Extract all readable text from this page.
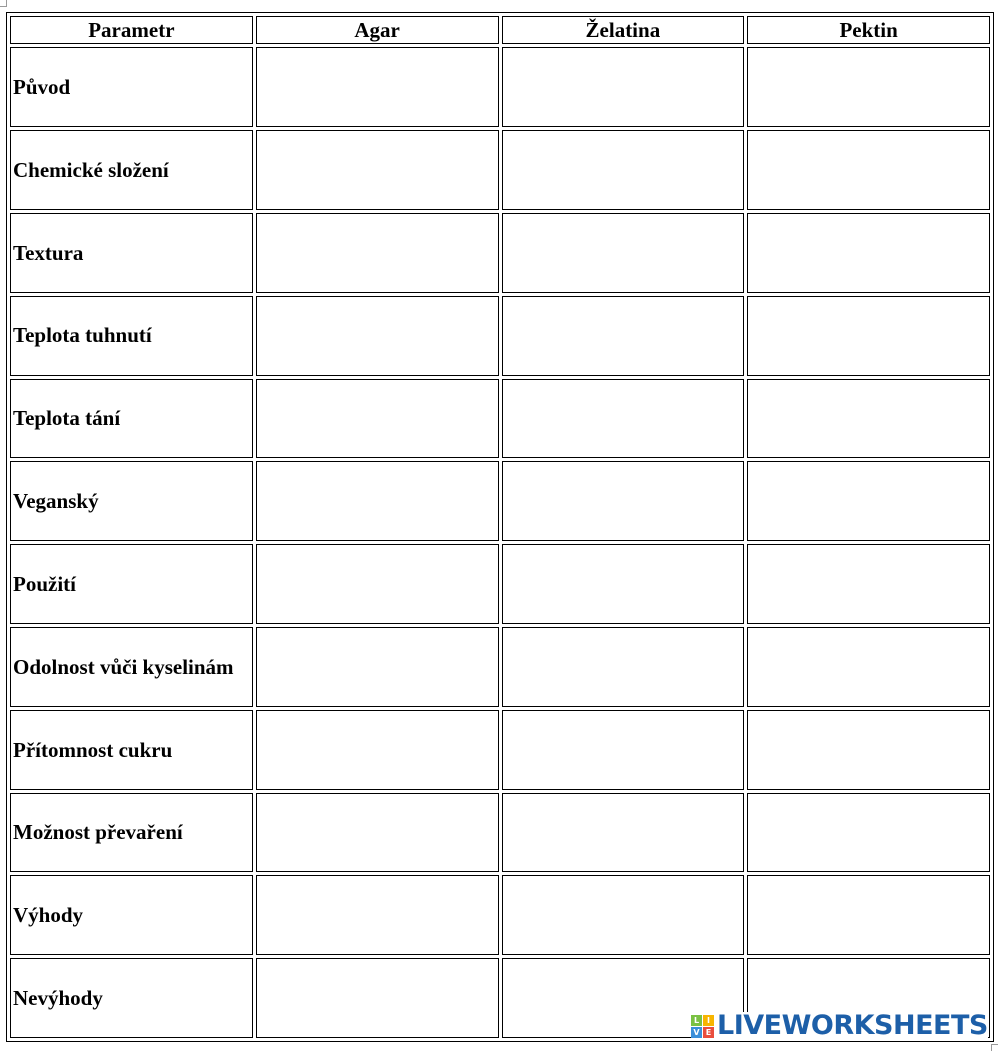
Parametr	Agar	Želatina	Pektin
Původ			
Chemické složení			
Textura			
Teplota tuhnutí			
Teplota tání			
Veganský			
Použití			
Odolnost vůči kyselinám			
Přítomnost cukru			
Možnost převaření			
Výhody			
Nevýhody			
L I
V E LIVEWORKSHEETS
